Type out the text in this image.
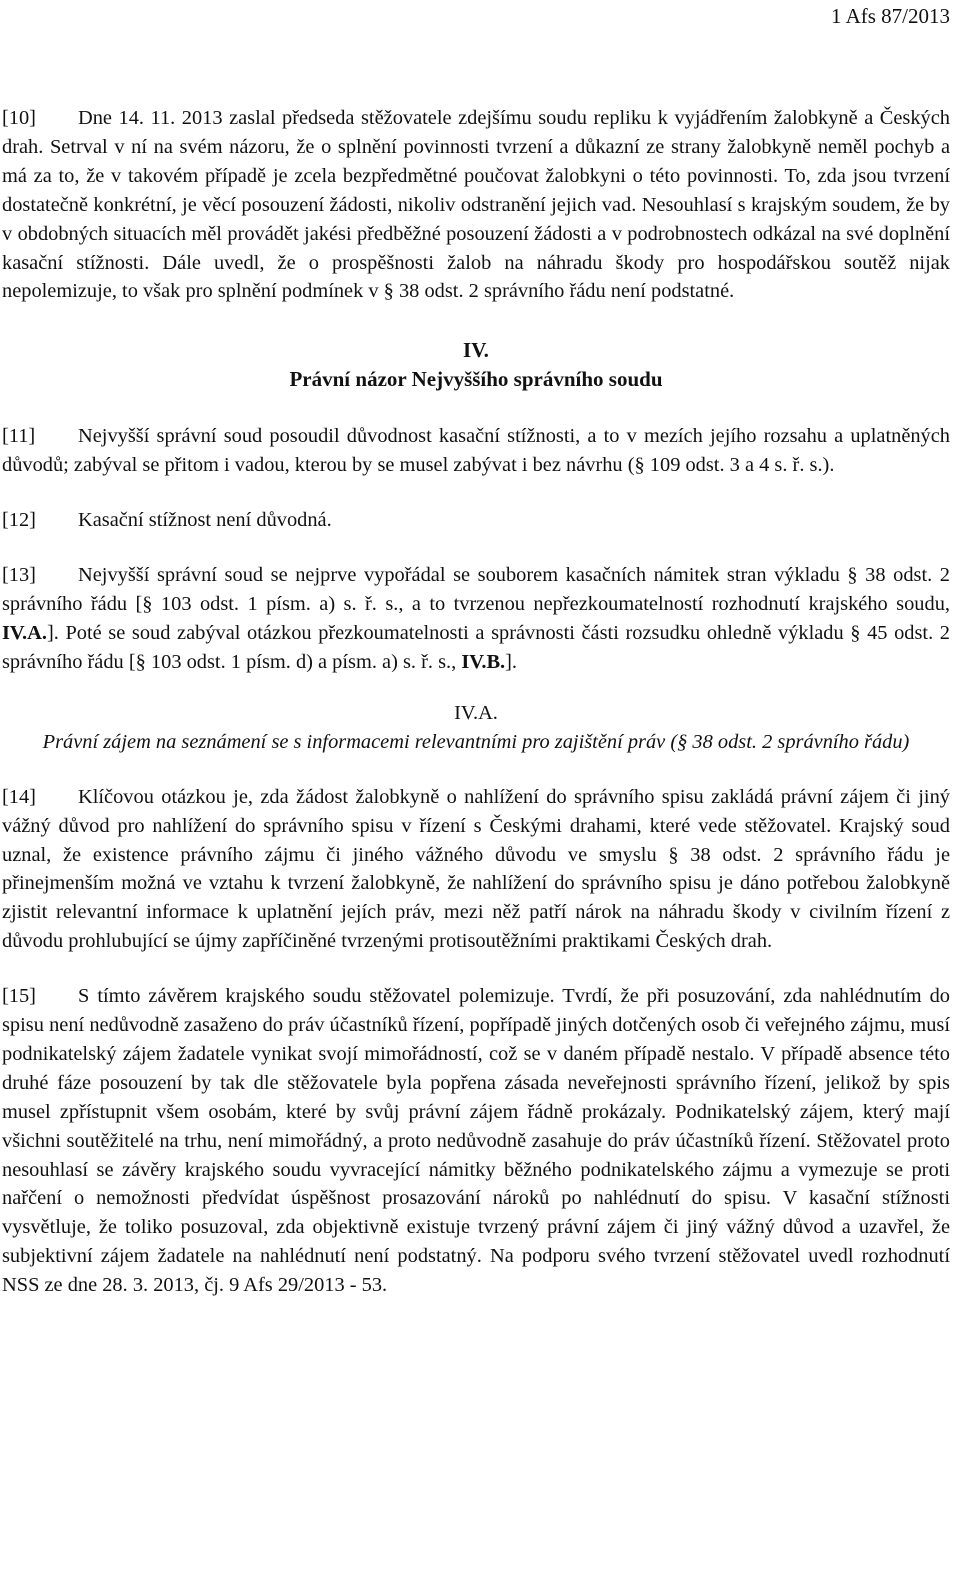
1 Afs 87/2013

[10] Dne 14. 11. 2013 zaslal předseda stěžovatele zdejšímu soudu repliku k vyjádřením žalobkyně a Českých drah. Setrval v ní na svém názoru, že o splnění povinnosti tvrzení a důkazní ze strany žalobkyně neměl pochyb a má za to, že v takovém případě je zcela bezpředmětné poučovat žalobkyni o této povinnosti. To, zda jsou tvrzení dostatečně konkrétní, je věcí posouzení žádosti, nikoliv odstranění jejich vad. Nesouhlasí s krajským soudem, že by v obdobných situacích měl provádět jakési předběžné posouzení žádosti a v podrobnostech odkázal na své doplnění kasační stížnosti. Dále uvedl, že o prospěšnosti žalob na náhradu škody pro hospodářskou soutěž nijak nepolemizuje, to však pro splnění podmínek v § 38 odst. 2 správního řádu není podstatné.

IV.
Právní názor Nejvyššího správního soudu

[11] Nejvyšší správní soud posoudil důvodnost kasační stížnosti, a to v mezích jejího rozsahu a uplatněných důvodů; zabýval se přitom i vadou, kterou by se musel zabývat i bez návrhu (§ 109 odst. 3 a 4 s. ř. s.).

[12] Kasační stížnost není důvodná.

[13] Nejvyšší správní soud se nejprve vypořádal se souborem kasačních námitek stran výkladu § 38 odst. 2 správního řádu [§ 103 odst. 1 písm. a) s. ř. s., a to tvrzenou nepřezkoumatelností rozhodnutí krajského soudu, IV.A.]. Poté se soud zabýval otázkou přezkoumatelnosti a správnosti části rozsudku ohledně výkladu § 45 odst. 2 správního řádu [§ 103 odst. 1 písm. d) a písm. a) s. ř. s., IV.B.].

IV.A.
Právní zájem na seznámení se s informacemi relevantními pro zajištění práv (§ 38 odst. 2 správního řádu)

[14] Klíčovou otázkou je, zda žádost žalobkyně o nahlížení do správního spisu zakládá právní zájem či jiný vážný důvod pro nahlížení do správního spisu v řízení s Českými drahami, které vede stěžovatel. Krajský soud uznal, že existence právního zájmu či jiného vážného důvodu ve smyslu § 38 odst. 2 správního řádu je přinejmenším možná ve vztahu k tvrzení žalobkyně, že nahlížení do správního spisu je dáno potřebou žalobkyně zjistit relevantní informace k uplatnění jejích práv, mezi něž patří nárok na náhradu škody v civilním řízení z důvodu prohlubující se újmy zapříčiněné tvrzenými protisoutěžními praktikami Českých drah.

[15] S tímto závěrem krajského soudu stěžovatel polemizuje. Tvrdí, že při posuzování, zda nahlédnutím do spisu není nedůvodně zasaženo do práv účastníků řízení, popřípadě jiných dotčených osob či veřejného zájmu, musí podnikatelský zájem žadatele vynikat svojí mimořádností, což se v daném případě nestalo. V případě absence této druhé fáze posouzení by tak dle stěžovatele byla popřena zásada neveřejnosti správního řízení, jelikož by spis musel zpřístupnit všem osobám, které by svůj právní zájem řádně prokázaly. Podnikatelský zájem, který mají všichni soutěžitelé na trhu, není mimořádný, a proto nedůvodně zasahuje do práv účastníků řízení. Stěžovatel proto nesouhlasí se závěry krajského soudu vyvracející námitky běžného podnikatelského zájmu a vymezuje se proti nařčení o nemožnosti předvídat úspěšnost prosazování nároků po nahlédnutí do spisu. V kasační stížnosti vysvětluje, že toliko posuzoval, zda objektivně existuje tvrzený právní zájem či jiný vážný důvod a uzavřel, že subjektivní zájem žadatele na nahlédnutí není podstatný. Na podporu svého tvrzení stěžovatel uvedl rozhodnutí NSS ze dne 28. 3. 2013, čj. 9 Afs 29/2013 - 53.
